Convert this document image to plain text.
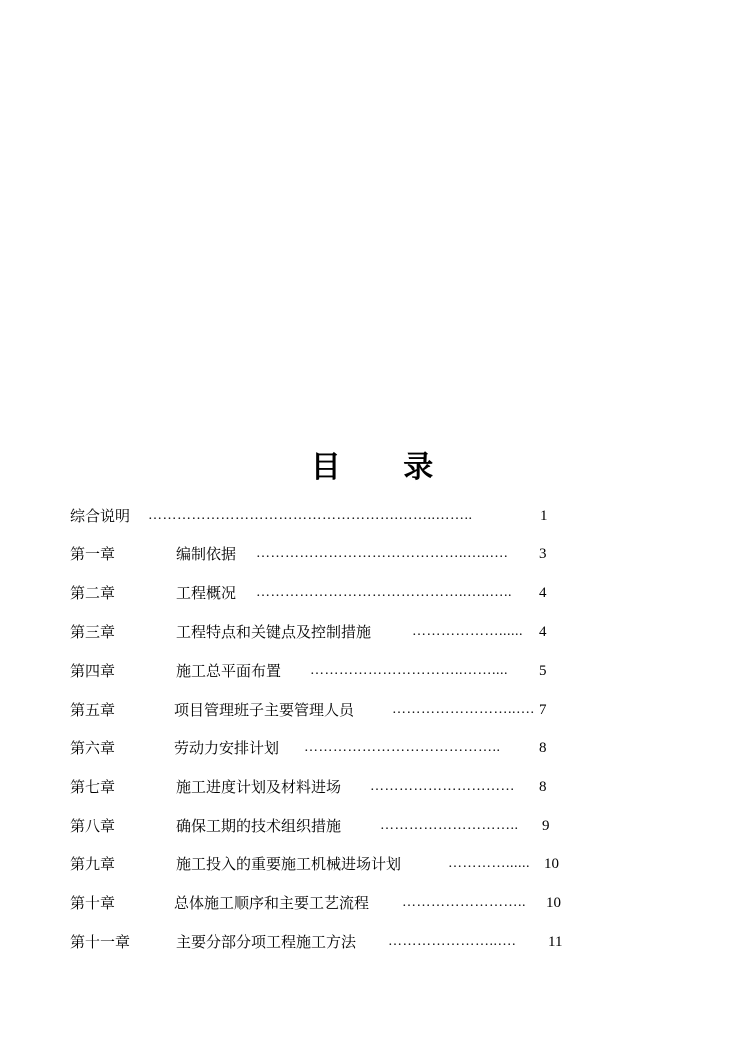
目 录
综合说明 …………………………………………….……..……..	1
第一章	编制依据 ……………………………………..…..…. 3
第二章	工程概况 ……………………………………..…..….. 4
第三章	工程特点和关键点及控制措施	………………...... 4
第四章	施工总平面布置 …………………………..…….... 5
第五章	项目管理班子主要管理人员	……………………..…. 7
第六章	劳动力安排计划 …………………………………..	8
第七章	施工进度计划及材料进场 ………………………… 8
第八章	确保工期的技术组织措施	……………………….. 9
第九章	施工投入的重要施工机械进场计划	…………...... 10
第十章	总体施工顺序和主要工艺流程 …………………….. 10
第十一章	主要分部分项工程施工方法 …………………..…. 11
